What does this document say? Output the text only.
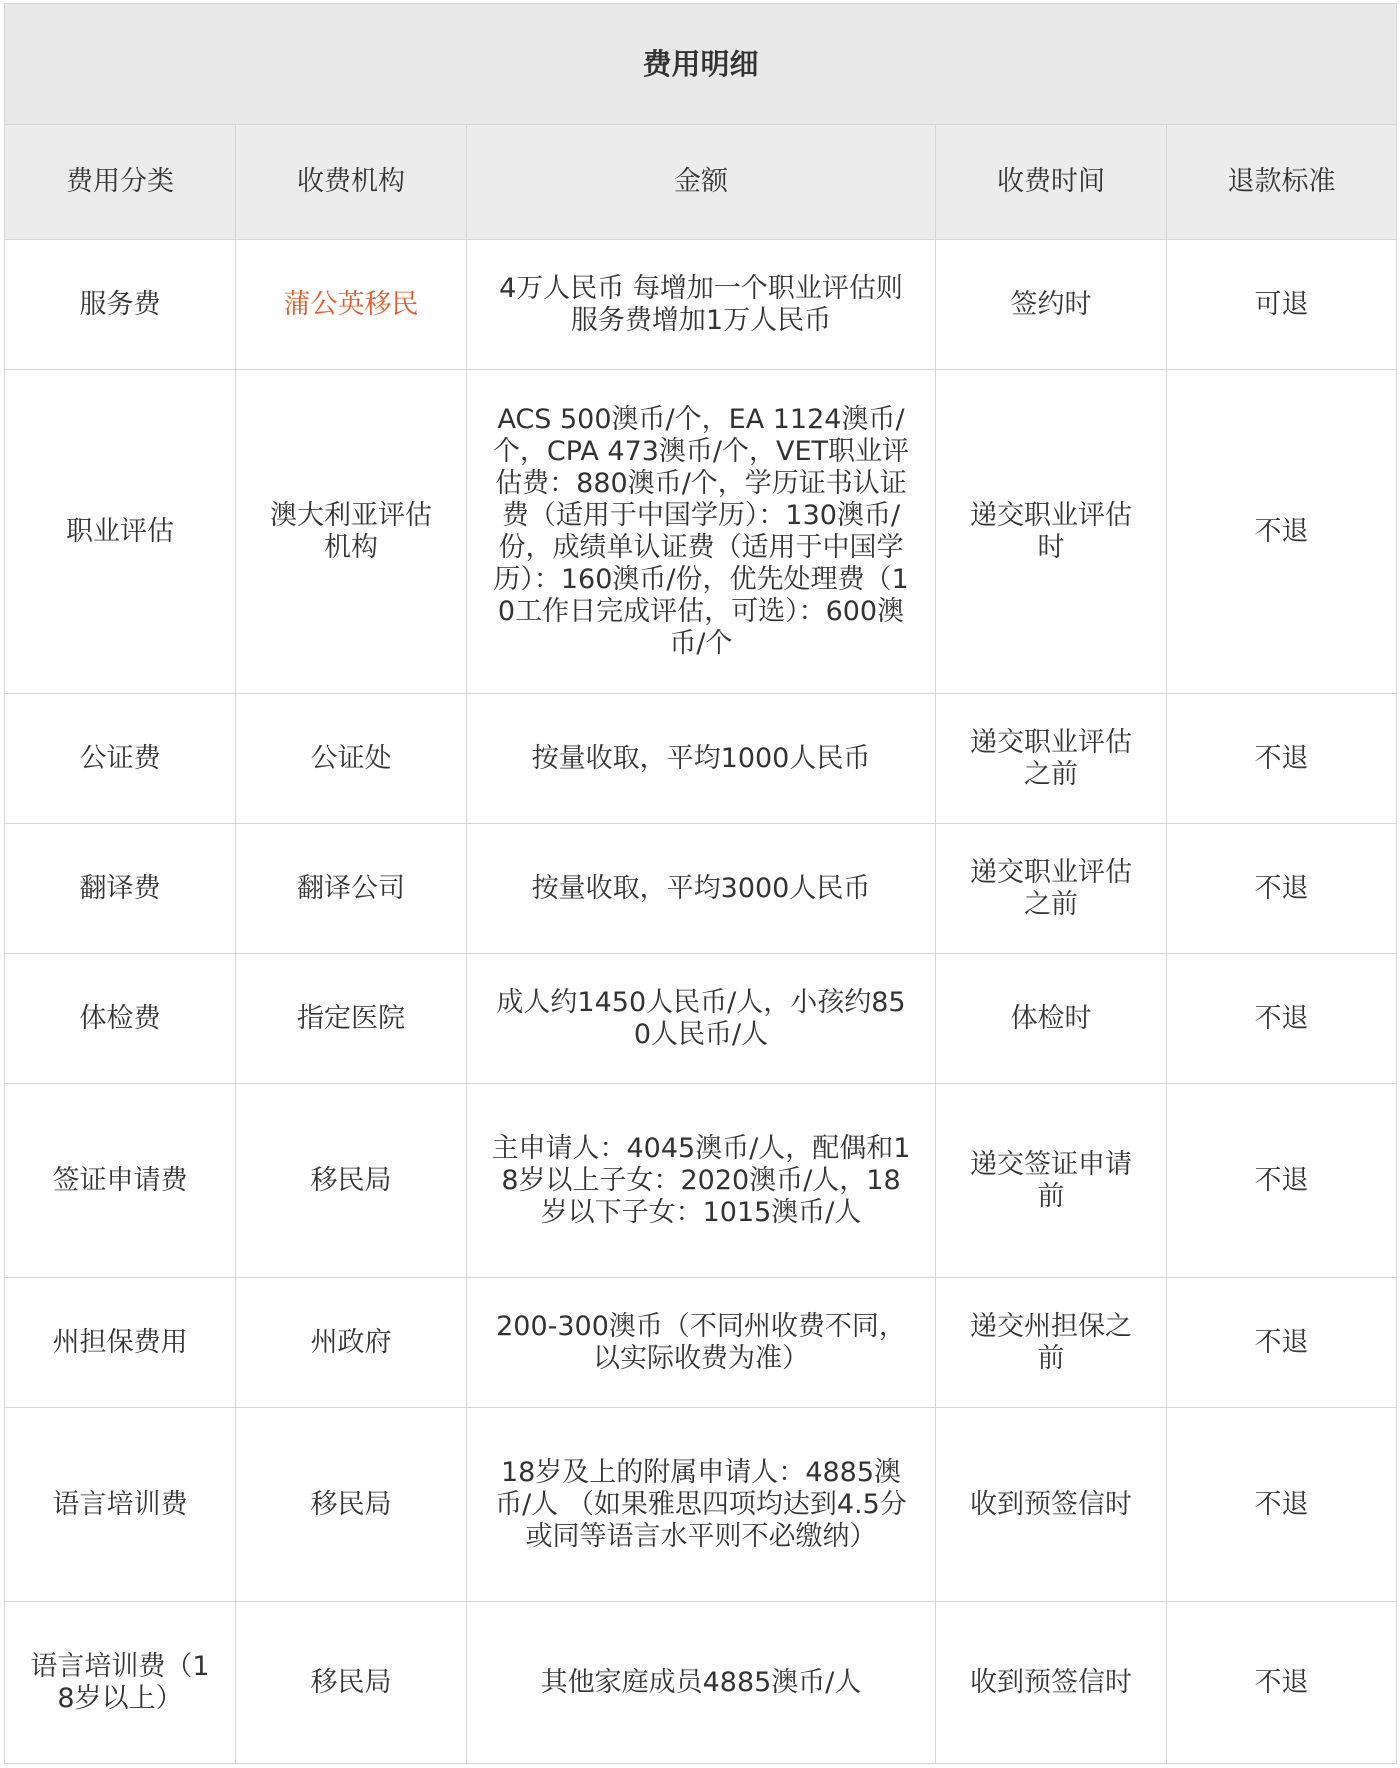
费用明细				
费用分类	收费机构	金额	收费时间	退款标准
服务费	蒲公英移民	4万人民币 每增加一个职业评估则服务费增加1万人民币	签约时	可退
职业评估	澳大利亚评估机构	ACS 500澳币/个，EA 1124澳币/个，CPA 473澳币/个，VET职业评估费：880澳币/个，学历证书认证费（适用于中国学历）：130澳币/份，成绩单认证费（适用于中国学历）：160澳币/份，优先处理费（10工作日完成评估，可选）：600澳币/个	递交职业评估时	不退
公证费	公证处	按量收取，平均1000人民币	递交职业评估之前	不退
翻译费	翻译公司	按量收取，平均3000人民币	递交职业评估之前	不退
体检费	指定医院	成人约1450人民币/人，小孩约850人民币/人	体检时	不退
签证申请费	移民局	主申请人：4045澳币/人，配偶和18岁以上子女：2020澳币/人，18岁以下子女：1015澳币/人	递交签证申请前	不退
州担保费用	州政府	200-300澳币（不同州收费不同，以实际收费为准）	递交州担保之前	不退
语言培训费	移民局	18岁及上的附属申请人：4885澳币/人 （如果雅思四项均达到4.5分或同等语言水平则不必缴纳）	收到预签信时	不退
语言培训费（18岁以上）	移民局	其他家庭成员4885澳币/人	收到预签信时	不退
